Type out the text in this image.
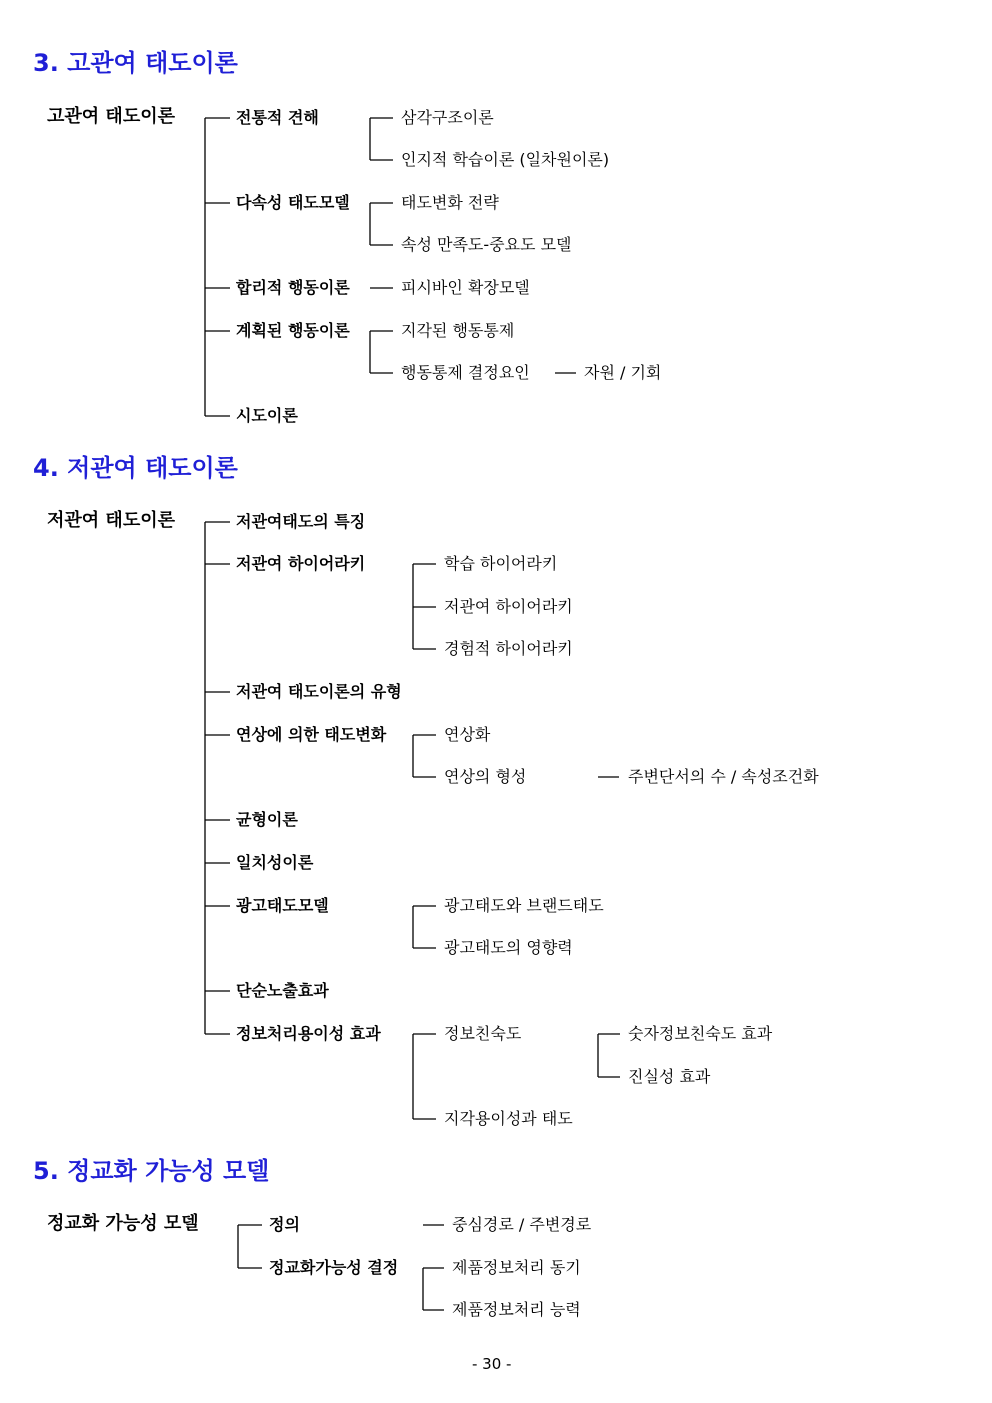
3. 고관여 태도이론
고관여 태도이론	전통적 견해	삼각구조이론
인지적 학습이론 (일차원이론)
다속성 태도모델	태도변화 전략
속성 만족도-중요도 모델
합리적 행동이론	피시바인 확장모델
계획된 행동이론	지각된 행동통제
행동통제 결정요인	자원 / 기회
시도이론
4. 저관여 태도이론
저관여 태도이론	저관여태도의 특징
저관여 하이어라키	학습 하이어라키
저관여 하이어라키
경험적 하이어라키
저관여 태도이론의 유형
연상에 의한 태도변화	연상화
연상의 형성	주변단서의 수 / 속성조건화
균형이론
일치성이론
광고태도모델	광고태도와 브랜드태도
광고태도의 영향력
단순노출효과
정보처리용이성 효과	정보친숙도	숫자정보친숙도 효과
진실성 효과
지각용이성과 태도
5. 정교화 가능성 모델
정교화 가능성 모델	정의	중심경로 / 주변경로
정교화가능성 결정	제품정보처리 동기
제품정보처리 능력
- 30 -
